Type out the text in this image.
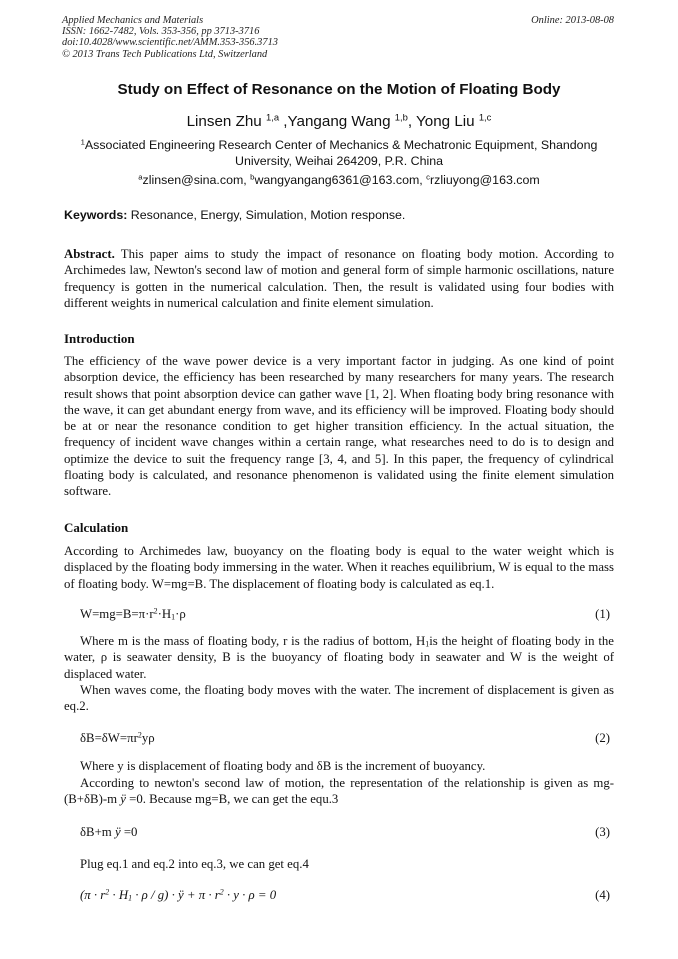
Applied Mechanics and Materials
ISSN: 1662-7482, Vols. 353-356, pp 3713-3716
doi:10.4028/www.scientific.net/AMM.353-356.3713
© 2013 Trans Tech Publications Ltd, Switzerland
Online: 2013-08-08
Study on Effect of Resonance on the Motion of Floating Body
Linsen Zhu $^{1,a}$ ,Yangang Wang $^{1,b}$, Yong Liu $^{1,c}$
$^1$Associated Engineering Research Center of Mechanics & Mechatronic Equipment, Shandong University, Weihai 264209, P.R. China
$^a$zlinsen@sina.com, $^b$wangyangang6361@163.com, $^c$rzliuyong@163.com
Keywords: Resonance, Energy, Simulation, Motion response.
Abstract. This paper aims to study the impact of resonance on floating body motion. According to Archimedes law, Newton's second law of motion and general form of simple harmonic oscillations, nature frequency is gotten in the numerical calculation. Then, the result is validated using four bodies with different weights in numerical calculation and finite element simulation.
Introduction
The efficiency of the wave power device is a very important factor in judging. As one kind of point absorption device, the efficiency has been researched by many researchers for many years. The research result shows that point absorption device can gather wave [1, 2]. When floating body bring resonance with the wave, it can get abundant energy from wave, and its efficiency will be improved. Floating body should be at or near the resonance condition to get higher transition efficiency. In the actual situation, the frequency of incident wave changes within a certain range, what researches need to do is to design and optimize the device to suit the frequency range [3, 4, and 5]. In this paper, the frequency of cylindrical floating body is calculated, and resonance phenomenon is validated using the finite element simulation software.
Calculation
According to Archimedes law, buoyancy on the floating body is equal to the water weight which is displaced by the floating body immersing in the water. When it reaches equilibrium, W is equal to the mass of floating body. W=mg=B. The displacement of floating body is calculated as eq.1.
$W=mg=B=\pi\cdot r^2\cdot H_1\cdot\rho$	(1)
Where m is the mass of floating body, r is the radius of bottom, $H_1is$ the height of floating body in the water, ρ is seawater density, B is the buoyancy of floating body in seawater and W is the weight of displaced water.
When waves come, the floating body moves with the water. The increment of displacement is given as eq.2.
$\delta B=\delta W=\pi r^2y\rho$	(2)
Where y is displacement of floating body and δB is the increment of buoyancy.
According to newton's second law of motion, the representation of the relationship is given as mg-(B+δB)-m ÿ =0. Because mg=B, we can get the equ.3
δB+m ÿ =0	(3)
Plug eq.1 and eq.2 into eq.3, we can get eq.4
$(\pi \cdot r^2 \cdot H_1 \cdot \rho / g)$ · ÿ + $\pi \cdot r^2 \cdot y \cdot \rho = 0$	(4)
